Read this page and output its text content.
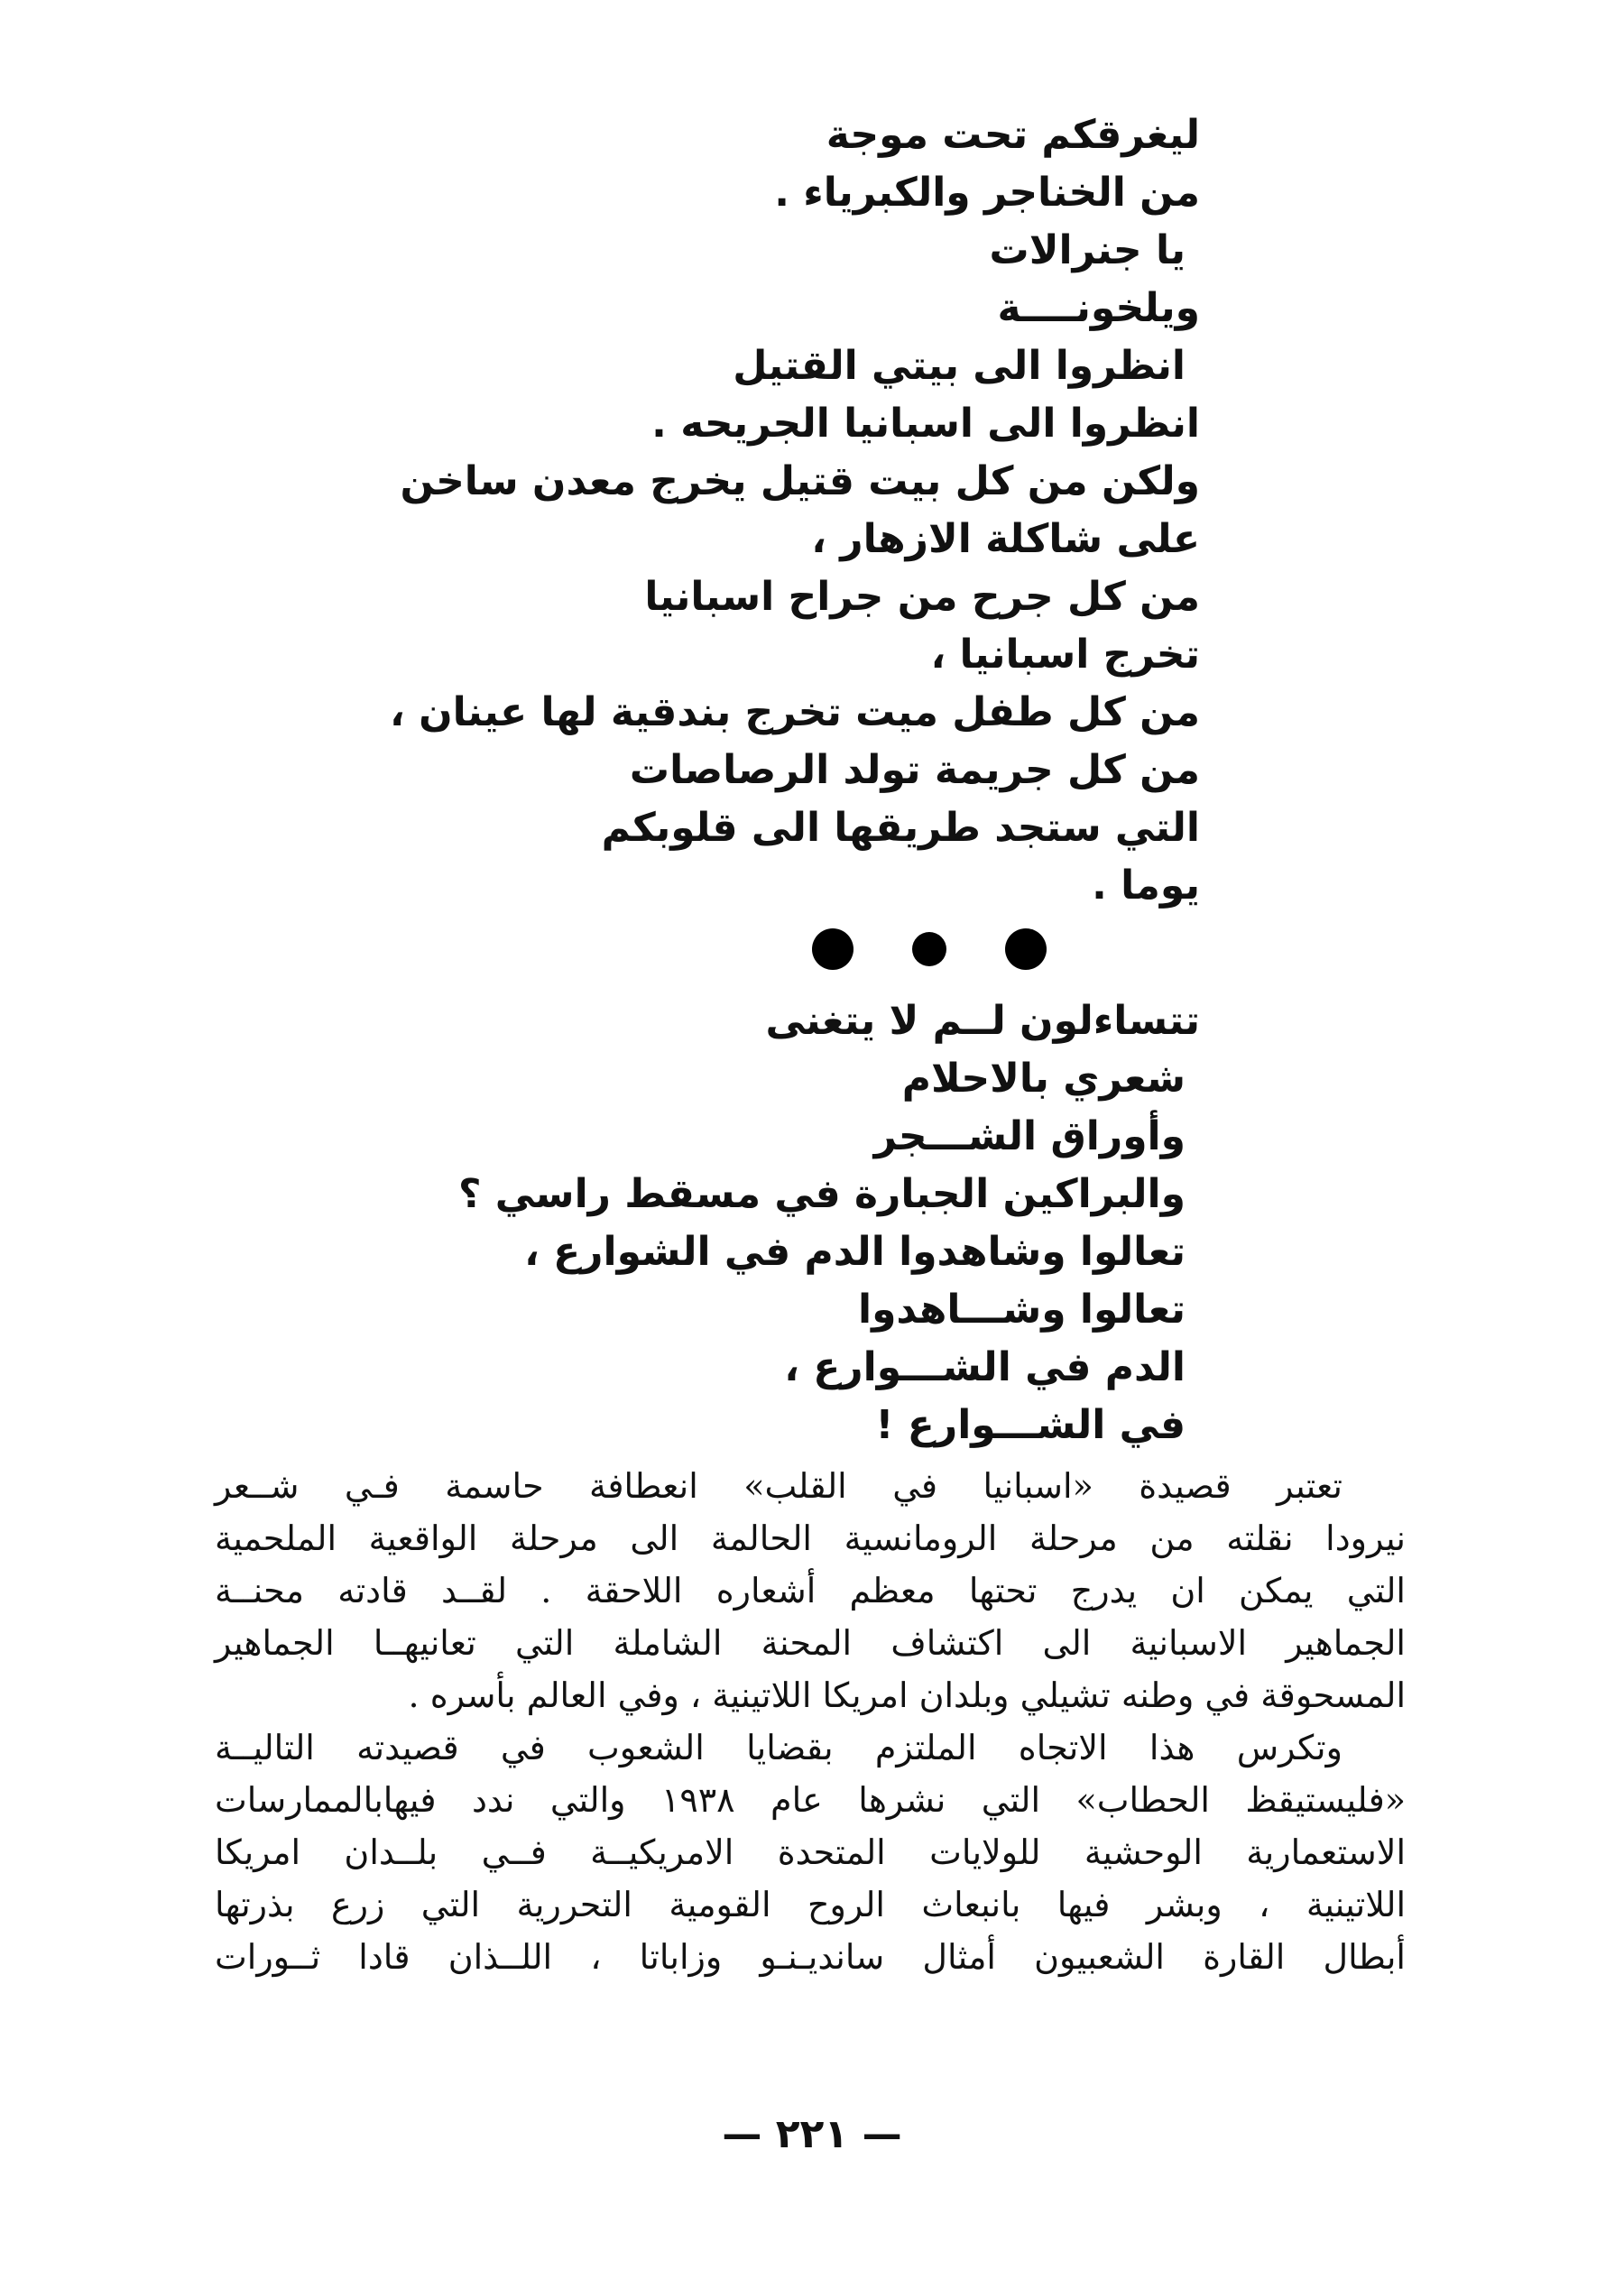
ليغرقكم تحت موجة
من الخناجر والكبرياء .
يا جنرالات
ويلخونــــة
انظروا الى بيتي القتيل
انظروا الى اسبانيا الجريحه .
ولكن من كل بيت قتيل يخرج معدن ساخن
على شاكلة الازهار ،
من كل جرح من جراح اسبانيا
تخرج اسبانيا ،
من كل طفل ميت تخرج بندقية لها عينان ،
من كل جريمة تولد الرصاصات
التي ستجد طريقها الى قلوبكم
يوما .
تتساءلون لــم لا يتغنى
شعري بالاحلام
وأوراق الشـــجر
والبراكين الجبارة في مسقط راسي ؟
تعالوا وشاهدوا الدم في الشوارع ،
تعالوا وشـــاهدوا
الدم في الشـــوارع ،
في الشـــوارع !
تعتبر قصيدة «اسبانيا في القلب» انعطافة حاسمة فـي شــعر
نيرودا نقلته من مرحلة الرومانسية الحالمة الى مرحلة الواقعية الملحمية
التي يمكن ان يدرج تحتها معظم أشعاره اللاحقة . لقــد قادته محنــة
الجماهير الاسبانية الى اكتشاف المحنة الشاملة التي تعانيهــا الجماهير
المسحوقة في وطنه تشيلي وبلدان امريكا اللاتينية ، وفي العالم بأسره .
وتكرس هذا الاتجاه الملتزم بقضايا الشعوب في قصيدته التاليــة
«فليستيقظ الحطاب» التي نشرها عام ١٩٣٨ والتي ندد فيهابالممارسات
الاستعمارية الوحشية للولايات المتحدة الامريكيــة فــي بلــدان امريكا
اللاتينية ، وبشر فيها بانبعاث الروح القومية التحررية التي زرع بذرتها
أبطال القارة الشعبيون أمثال سانديـنـو وزاباتا ، اللــذان قادا ثــورات
— ٢٢١ —
